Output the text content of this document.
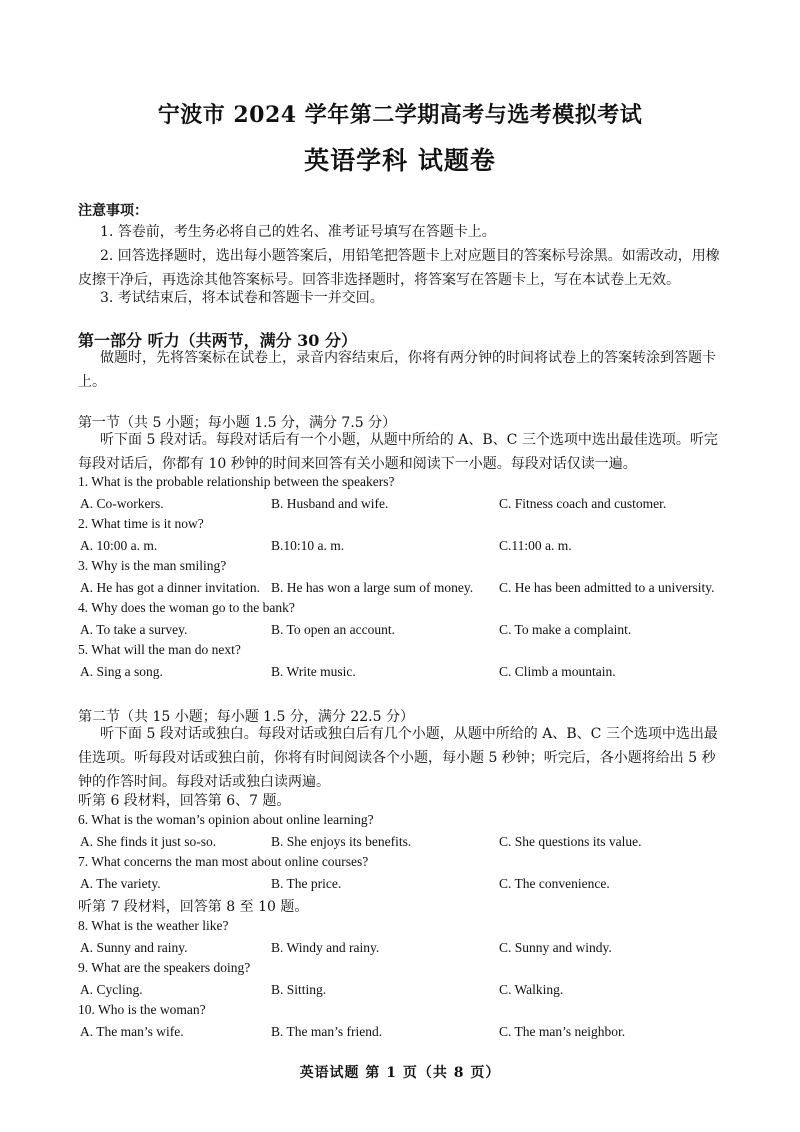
宁波市 2024 学年第二学期高考与选考模拟考试
英语学科 试题卷
注意事项：
1. 答卷前，考生务必将自己的姓名、准考证号填写在答题卡上。
2. 回答选择题时，选出每小题答案后，用铅笔把答题卡上对应题目的答案标号涂黑。如需改动，用橡皮擦干净后，再选涂其他答案标号。回答非选择题时，将答案写在答题卡上，写在本试卷上无效。
3. 考试结束后，将本试卷和答题卡一并交回。
第一部分 听力（共两节，满分 30 分）
做题时，先将答案标在试卷上，录音内容结束后，你将有两分钟的时间将试卷上的答案转涂到答题卡上。
第一节（共 5 小题；每小题 1.5 分，满分 7.5 分）
听下面 5 段对话。每段对话后有一个小题，从题中所给的 A、B、C 三个选项中选出最佳选项。听完每段对话后，你都有 10 秒钟的时间来回答有关小题和阅读下一小题。每段对话仅读一遍。
1. What is the probable relationship between the speakers?
A. Co-workers.	B. Husband and wife.	C. Fitness coach and customer.
2. What time is it now?
A. 10:00 a. m.	B.10:10 a. m.	C.11:00 a. m.
3. Why is the man smiling?
A. He has got a dinner invitation. B. He has won a large sum of money. C. He has been admitted to a university.
4. Why does the woman go to the bank?
A. To take a survey.	B. To open an account.	C. To make a complaint.
5. What will the man do next?
A. Sing a song.	B. Write music.	C. Climb a mountain.
第二节（共 15 小题；每小题 1.5 分，满分 22.5 分）
听下面 5 段对话或独白。每段对话或独白后有几个小题，从题中所给的 A、B、C 三个选项中选出最佳选项。听每段对话或独白前，你将有时间阅读各个小题，每小题 5 秒钟；听完后，各小题将给出 5 秒钟的作答时间。每段对话或独白读两遍。
听第 6 段材料，回答第 6、7 题。
6. What is the woman’s opinion about online learning?
A. She finds it just so-so.	B. She enjoys its benefits.	C. She questions its value.
7. What concerns the man most about online courses?
A. The variety.	B. The price.	C. The convenience.
听第 7 段材料，回答第 8 至 10 题。
8. What is the weather like?
A. Sunny and rainy.	B. Windy and rainy.	C. Sunny and windy.
9. What are the speakers doing?
A. Cycling.	B. Sitting.	C. Walking.
10. Who is the woman?
A. The man’s wife.	B. The man’s friend.	C. The man’s neighbor.
英语试题 第 1 页（共 8 页）
